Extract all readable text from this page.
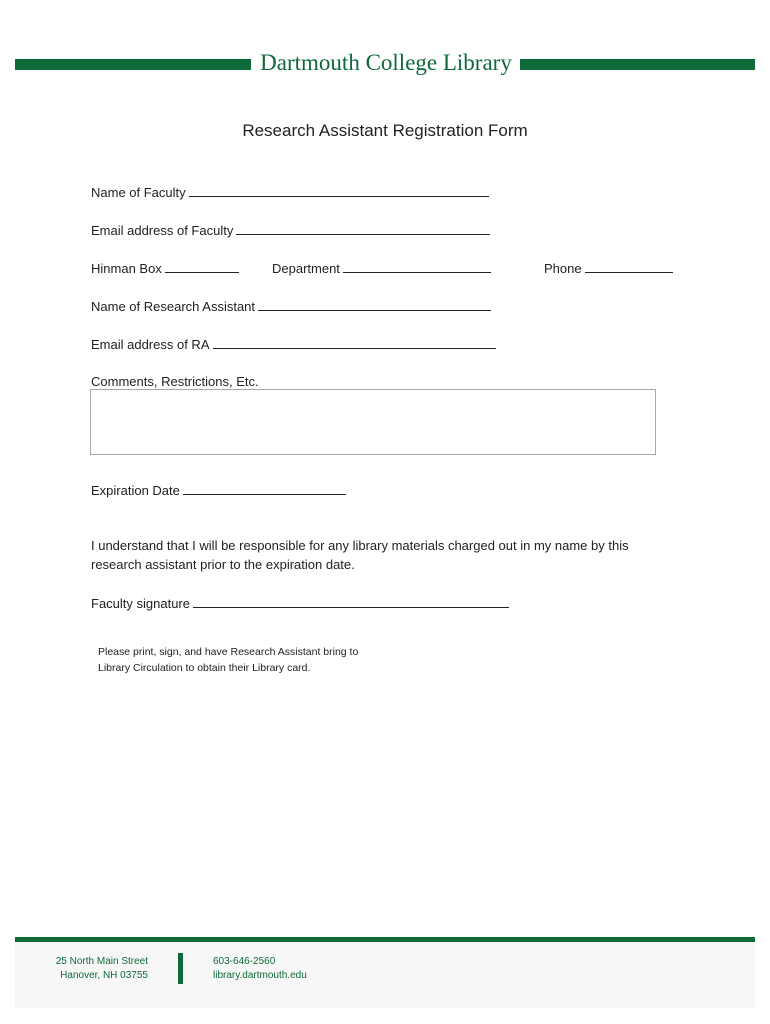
Dartmouth College Library
Research Assistant Registration Form
Name of Faculty
Email address of Faculty
Hinman Box	Department	Phone
Name of Research Assistant
Email address of RA
Comments, Restrictions, Etc.
Expiration Date
I understand that I will be responsible for any library materials charged out in my name by this
research assistant prior to the expiration date.
Faculty signature
Please print, sign, and have Research Assistant bring to
Library Circulation to obtain their Library card.
25 North Main Street
Hanover, NH 03755
603-646-2560
library.dartmouth.edu
